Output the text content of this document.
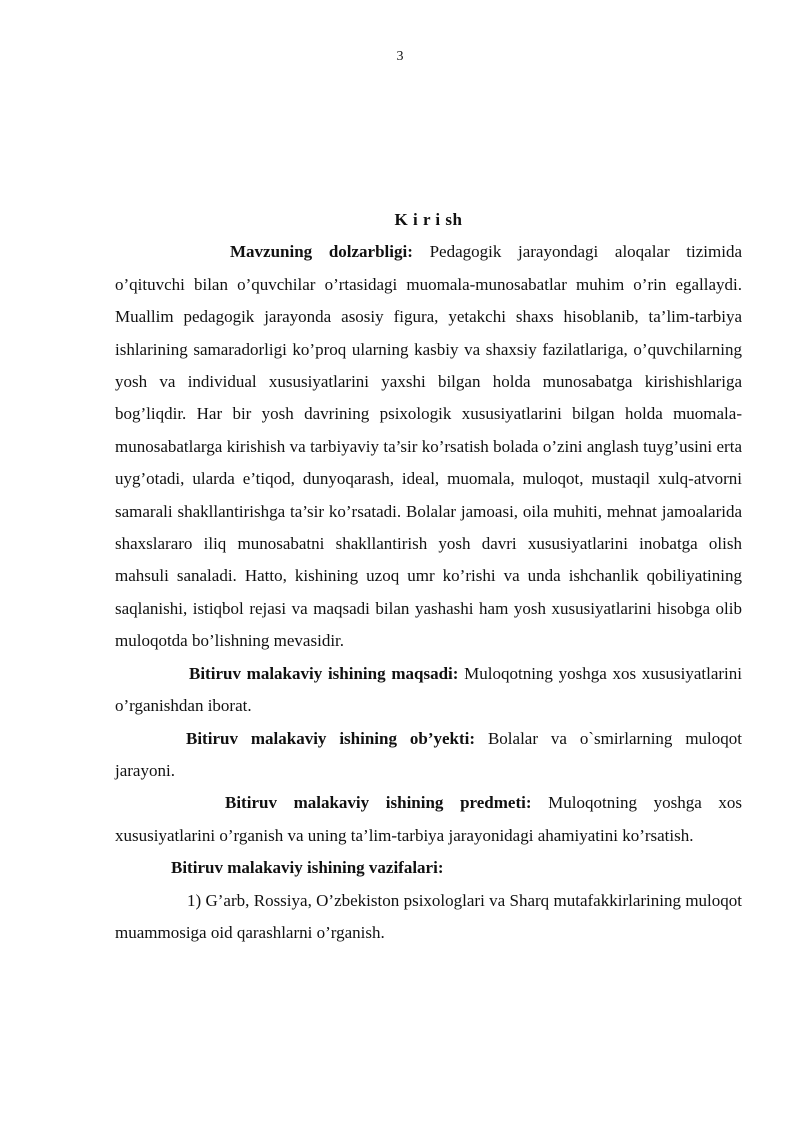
3
K i r i sh

Mavzuning dolzarbligi: Pedagogik jarayondagi aloqalar tizimida o’qituvchi bilan o’quvchilar o’rtasidagi muomala-munosabatlar muhim o’rin egallaydi. Muallim pedagogik jarayonda asosiy figura, yetakchi shaxs hisoblanib, ta’lim-tarbiya ishlarining samaradorligi ko’proq ularning kasbiy va shaxsiy fazilatlariga, o’quvchilarning yosh va individual xususiyatlarini yaxshi bilgan holda munosabatga kirishishlariga bog’liqdir. Har bir yosh davrining psixologik xususiyatlarini bilgan holda muomala-munosabatlarga kirishish va tarbiyaviy ta’sir ko’rsatish bolada o’zini anglash tuyg’usini erta uyg’otadi, ularda e’tiqod, dunyoqarash, ideal, muomala, muloqot, mustaqil xulq-atvorni samarali shakllantirishga ta’sir ko’rsatadi. Bolalar jamoasi, oila muhiti, mehnat jamoalarida shaxslararo iliq munosabatni shakllantirish yosh davri xususiyatlarini inobatga olish mahsuli sanaladi. Hatto, kishining uzoq umr ko’rishi va unda ishchanlik qobiliyatining saqlanishi, istiqbol rejasi va maqsadi bilan yashashi ham yosh xususiyatlarini hisobga olib muloqotda bo’lishning mevasidir.

Bitiruv malakaviy ishining maqsadi: Muloqotning yoshga xos xususiyatlarini o’rganishdan iborat.

Bitiruv malakaviy ishining ob’yekti: Bolalar va o`smirlarning muloqot jarayoni.

Bitiruv malakaviy ishining predmeti: Muloqotning yoshga xos xususiyatlarini o’rganish va uning ta’lim-tarbiya jarayonidagi ahamiyatini ko’rsatish.

Bitiruv malakaviy ishining vazifalari:

1) G’arb, Rossiya, O’zbekiston psixologlari va Sharq mutafakkirlarining muloqot muammosiga oid qarashlarni o’rganish.
